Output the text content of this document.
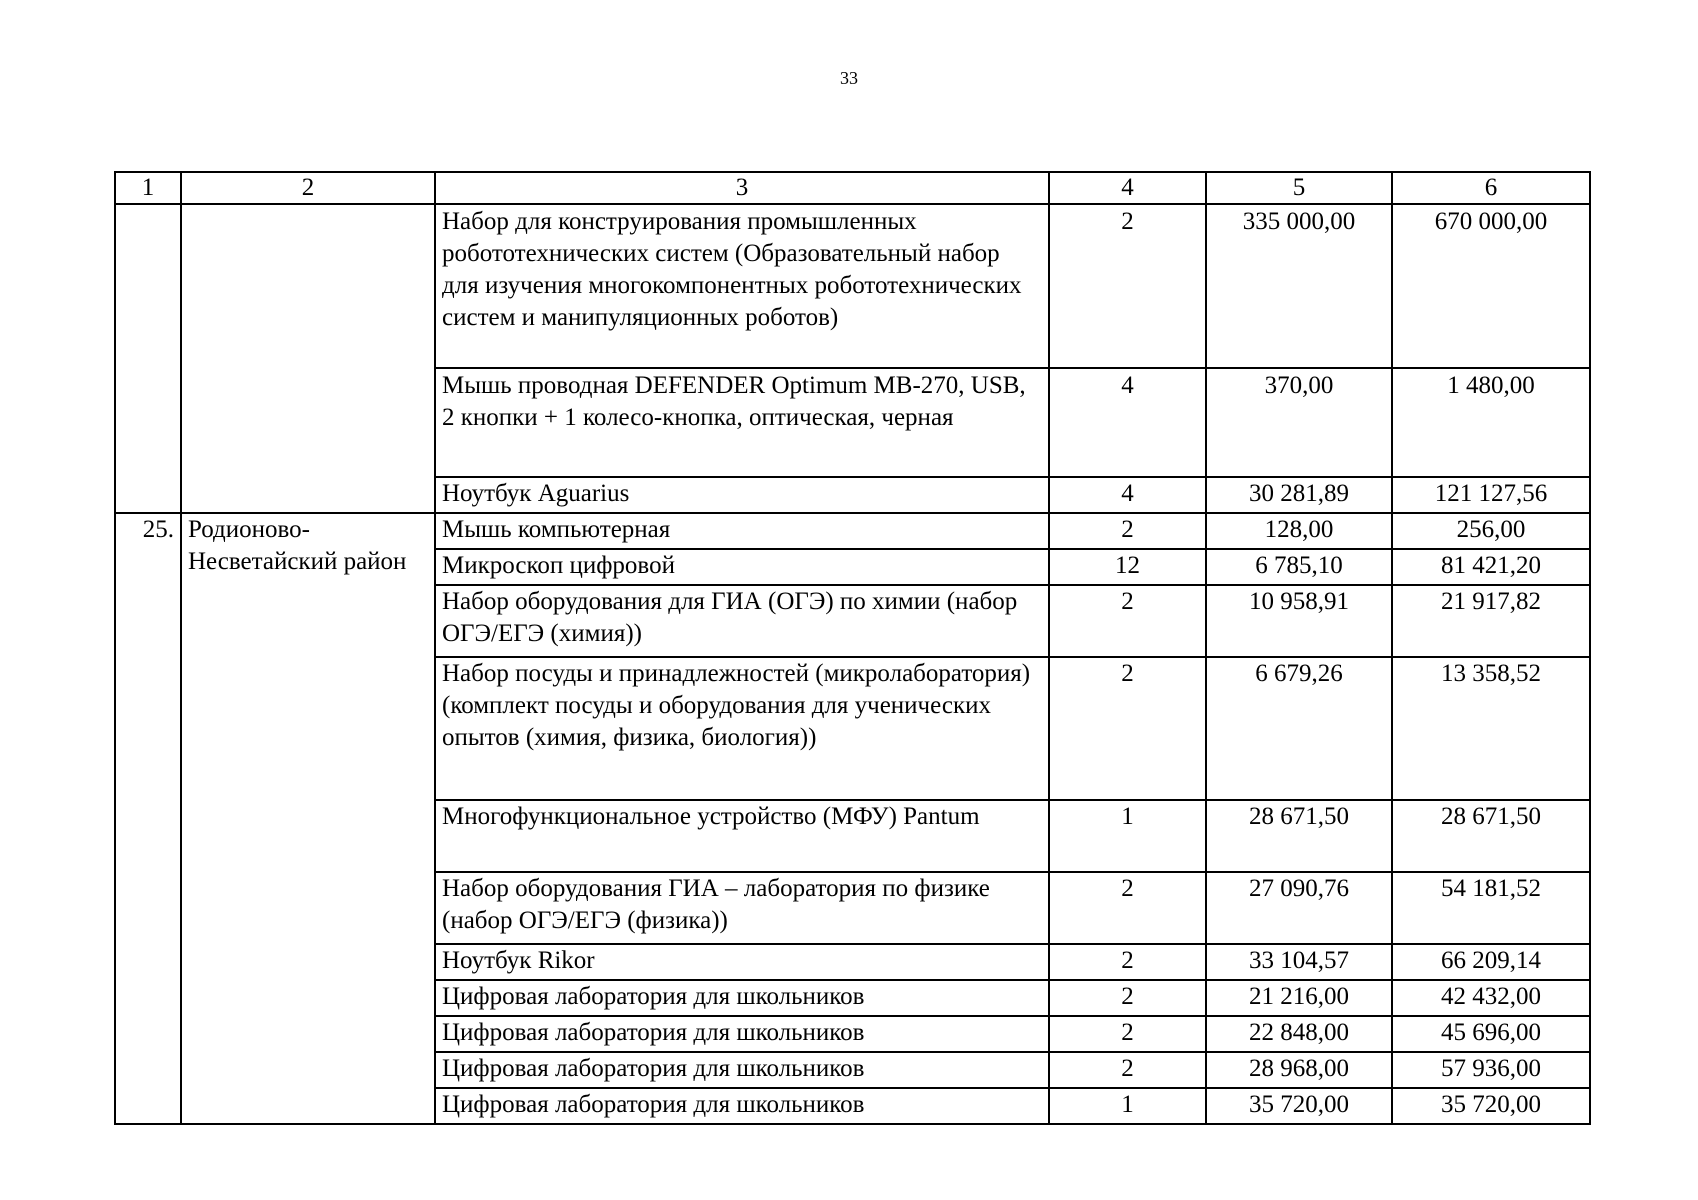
33
1	2	3	4	5	6
		Набор для конструирования промышленных робототехнических систем (Образовательный набор для изучения многокомпонентных робототехнических систем и манипуляционных роботов)	2	335 000,00	670 000,00
		Мышь проводная DEFENDER Optimum MB-270, USB, 2 кнопки + 1 колесо-кнопка, оптическая, черная	4	370,00	1 480,00
		Ноутбук Aguarius	4	30 281,89	121 127,56
25.	Родионово-Несветайский район	Мышь компьютерная	2	128,00	256,00
		Микроскоп цифровой	12	6 785,10	81 421,20
		Набор оборудования для ГИА (ОГЭ) по химии (набор ОГЭ/ЕГЭ (химия))	2	10 958,91	21 917,82
		Набор посуды и принадлежностей (микролаборатория) (комплект посуды и оборудования для ученических опытов (химия, физика, биология))	2	6 679,26	13 358,52
		Многофункциональное устройство (МФУ) Pantum	1	28 671,50	28 671,50
		Набор оборудования ГИА – лаборатория по физике (набор ОГЭ/ЕГЭ (физика))	2	27 090,76	54 181,52
		Ноутбук Rikor	2	33 104,57	66 209,14
		Цифровая лаборатория для школьников	2	21 216,00	42 432,00
		Цифровая лаборатория для школьников	2	22 848,00	45 696,00
		Цифровая лаборатория для школьников	2	28 968,00	57 936,00
		Цифровая лаборатория для школьников	1	35 720,00	35 720,00
